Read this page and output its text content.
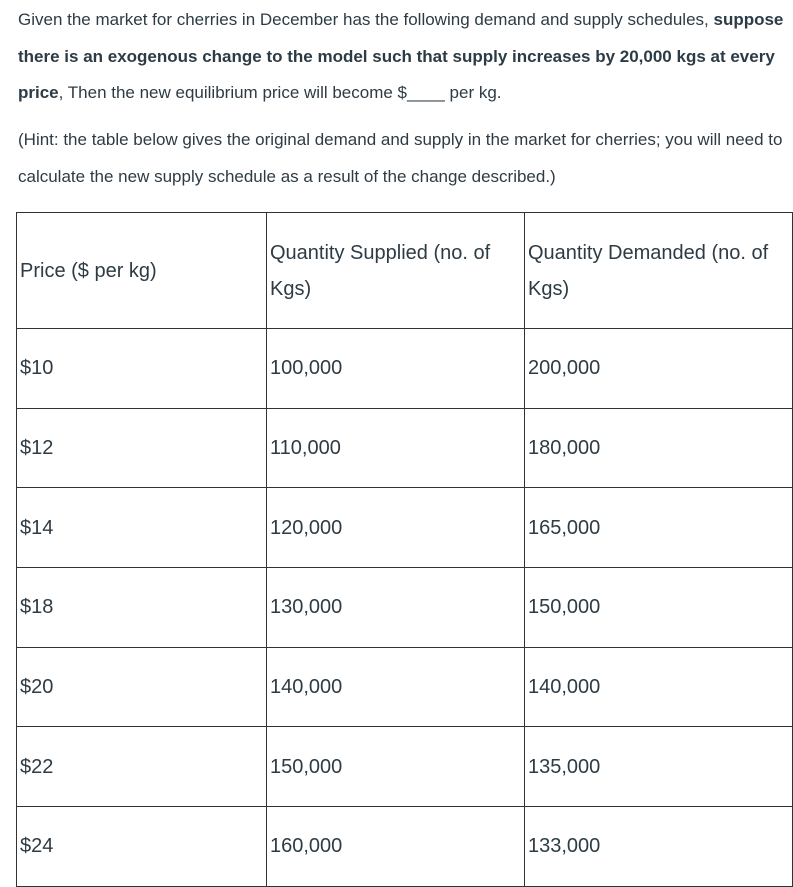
Given the market for cherries in December has the following demand and supply schedules, suppose there is an exogenous change to the model such that supply increases by 20,000 kgs at every price, Then the new equilibrium price will become $____ per kg.

(Hint: the table below gives the original demand and supply in the market for cherries; you will need to calculate the new supply schedule as a result of the change described.)

Price ($ per kg)	Quantity Supplied (no. of Kgs)	Quantity Demanded (no. of Kgs)
$10	100,000	200,000
$12	110,000	180,000
$14	120,000	165,000
$18	130,000	150,000
$20	140,000	140,000
$22	150,000	135,000
$24	160,000	133,000
